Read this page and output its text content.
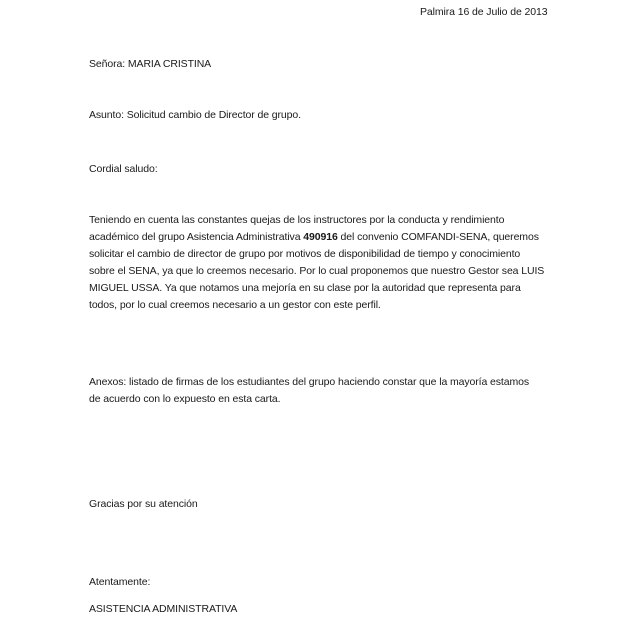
Palmira 16 de Julio de 2013
Señora: MARIA CRISTINA
Asunto: Solicitud cambio de Director de grupo.
Cordial saludo:
Teniendo en cuenta las constantes quejas de los instructores por la conducta y rendimiento
académico del grupo Asistencia Administrativa 490916 del convenio COMFANDI-SENA, queremos
solicitar el cambio de director de grupo por motivos de disponibilidad de tiempo y conocimiento
sobre el SENA, ya que lo creemos necesario. Por lo cual proponemos que nuestro Gestor sea LUIS
MIGUEL USSA. Ya que notamos una mejoría en su clase por la autoridad que representa para
todos, por lo cual creemos necesario a un gestor con este perfil.
Anexos: listado de firmas de los estudiantes del grupo haciendo constar que la mayoría estamos
de acuerdo con lo expuesto en esta carta.
Gracias por su atención
Atentamente:
ASISTENCIA ADMINISTRATIVA
